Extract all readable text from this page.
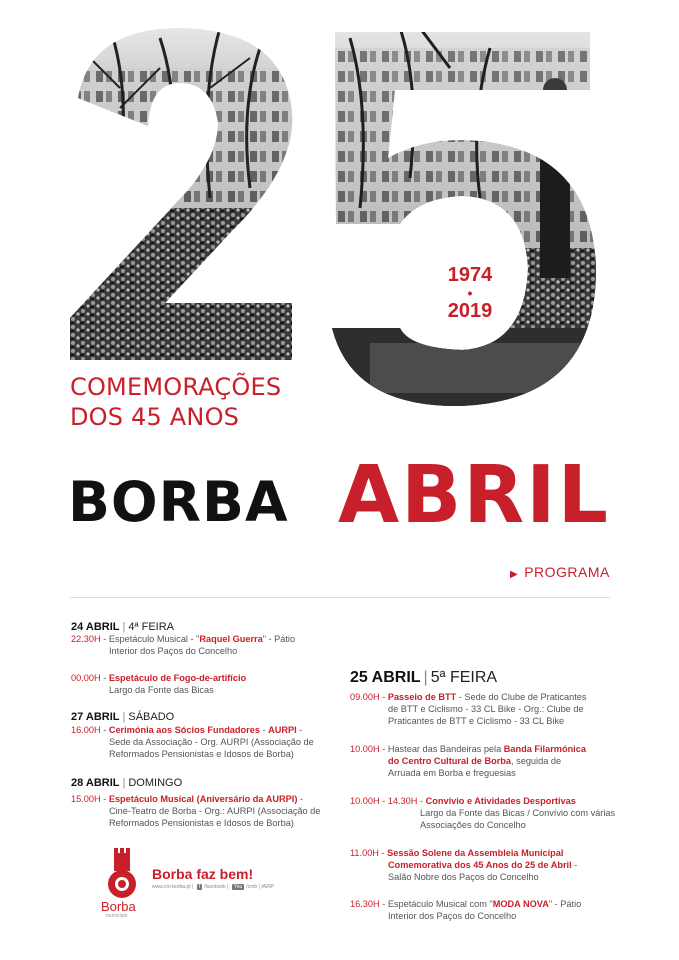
1974
•
2019
COMEMORAÇÕES
DOS 45 ANOS
BORBA ABRIL
▶ PROGRAMA
24 ABRIL | 4ª FEIRA
22.30H - Espetáculo Musical - "Raquel Guerra" - Pátio
Interior dos Paços do Concelho
00.00H - Espetáculo de Fogo-de-artifício
Largo da Fonte das Bicas
27 ABRIL | SÁBADO
16.00H - Cerimónia aos Sócios Fundadores - AURPI -
Sede da Associação - Org. AURPI (Associação de
Reformados Pensionistas e Idosos de Borba)
28 ABRIL | DOMINGO
15.00H - Espetáculo Musical (Aniversário da AURPI) -
Cine-Teatro de Borba - Org.: AURPI (Associação de
Reformados Pensionistas e Idosos de Borba)
25 ABRIL | 5ª FEIRA
09.00H - Passeio de BTT - Sede do Clube de Praticantes
de BTT e Ciclismo - 33 CL Bike - Org.: Clube de
Praticantes de BTT e Ciclismo - 33 CL Bike
10.00H - Hastear das Bandeiras pela Banda Filarmónica
do Centro Cultural de Borba, seguida de
Arruada em Borba e freguesias
10.00H - 14.30H - Convívio e Atividades Desportivas
Largo da Fonte das Bicas / Convívio com várias
Associações do Concelho
11.00H - Sessão Solene da Assembleia Municipal
Comemorativa dos 45 Anos do 25 de Abril -
Salão Nobre dos Paços do Concelho
16.30H - Espetáculo Musical com "MODA NOVA" - Pátio
Interior dos Paços do Concelho
Borba
município
Borba faz bem!
www.cm-borba.pt | f /facebook | You /cmb | /AIRP
